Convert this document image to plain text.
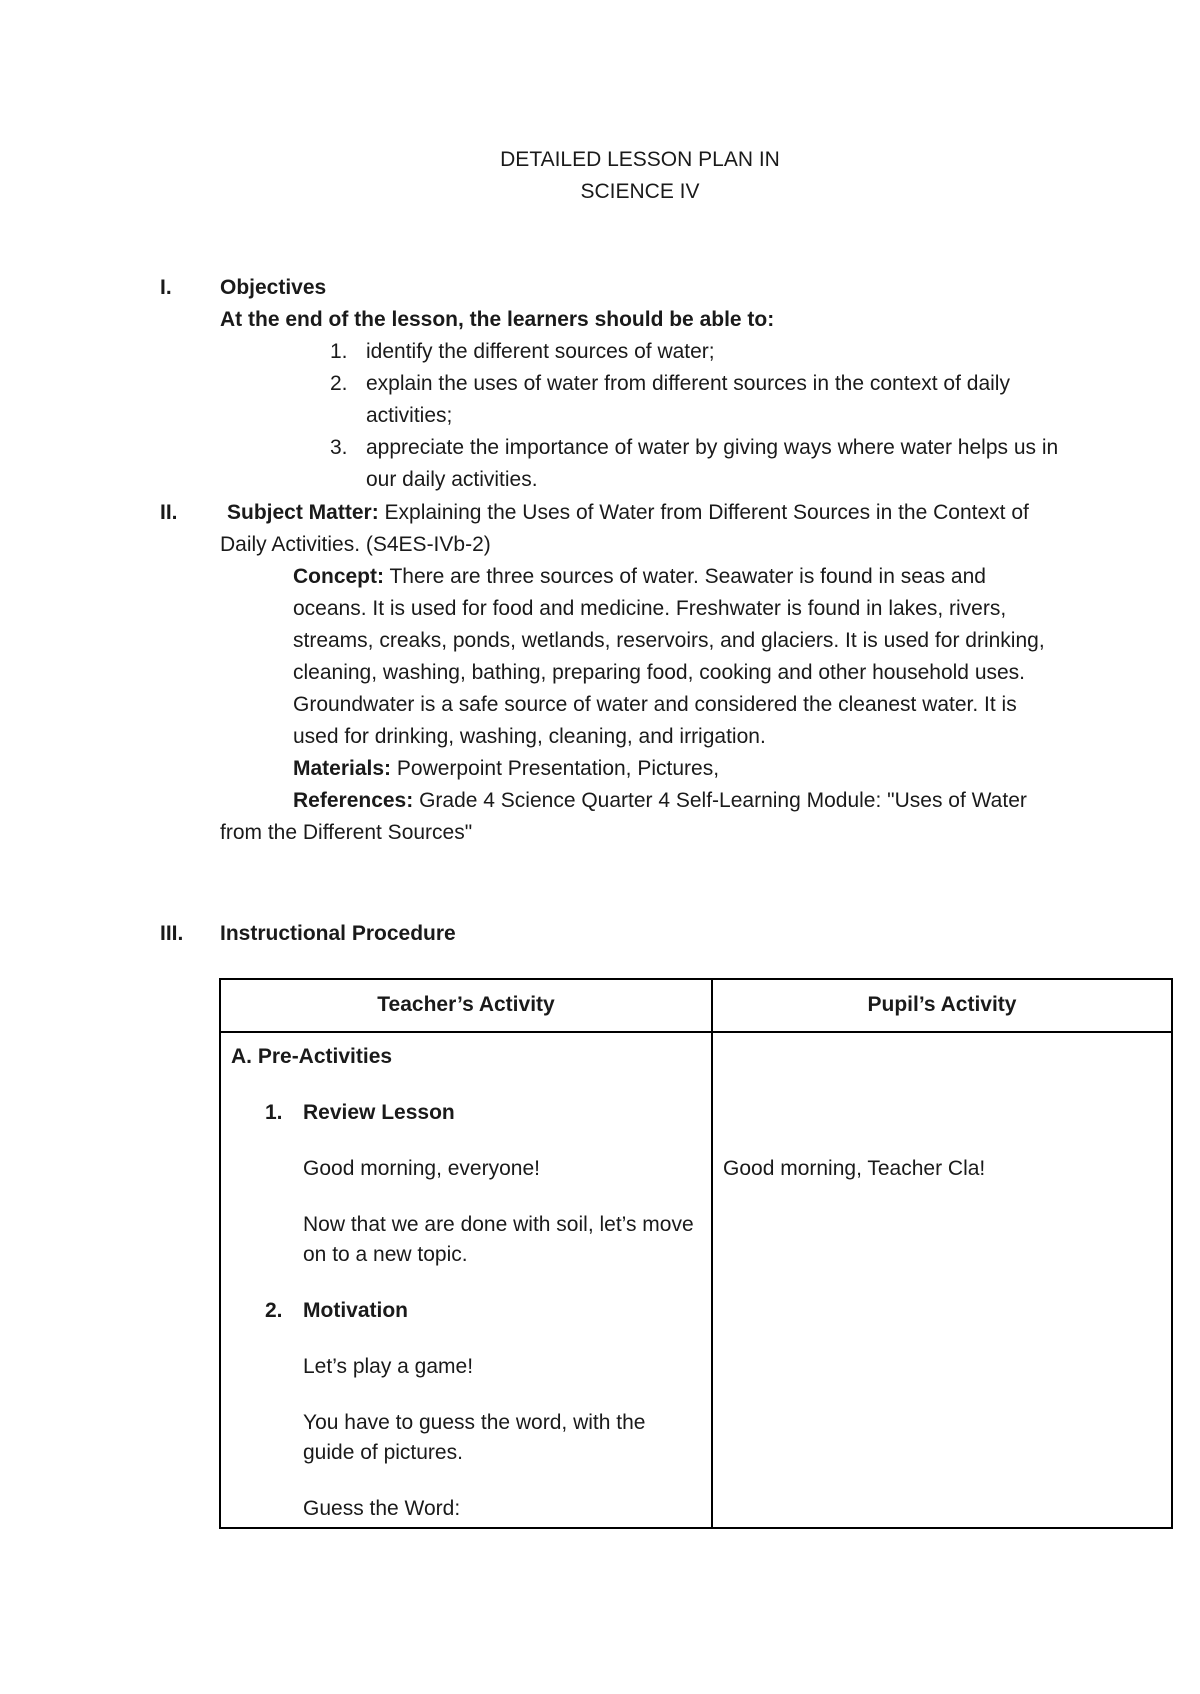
DETAILED LESSON PLAN IN
SCIENCE IV
I. Objectives
At the end of the lesson, the learners should be able to:
1. identify the different sources of water;
2. explain the uses of water from different sources in the context of daily activities;
3. appreciate the importance of water by giving ways where water helps us in our daily activities.
II.	Subject Matter: Explaining the Uses of Water from Different Sources in the Context of Daily Activities. (S4ES-IVb-2)
Concept: There are three sources of water. Seawater is found in seas and oceans. It is used for food and medicine. Freshwater is found in lakes, rivers, streams, creaks, ponds, wetlands, reservoirs, and glaciers. It is used for drinking, cleaning, washing, bathing, preparing food, cooking and other household uses. Groundwater is a safe source of water and considered the cleanest water. It is used for drinking, washing, cleaning, and irrigation.
Materials: Powerpoint Presentation, Pictures,
References: Grade 4 Science Quarter 4 Self-Learning Module: "Uses of Water from the Different Sources"
III. Instructional Procedure
Teacher’s Activity	Pupil’s Activity
A. Pre-Activities
1. Review Lesson
Good morning, everyone!
Now that we are done with soil, let’s move on to a new topic.
2. Motivation
Let’s play a game!
You have to guess the word, with the guide of pictures.
Guess the Word:
Good morning, Teacher Cla!
